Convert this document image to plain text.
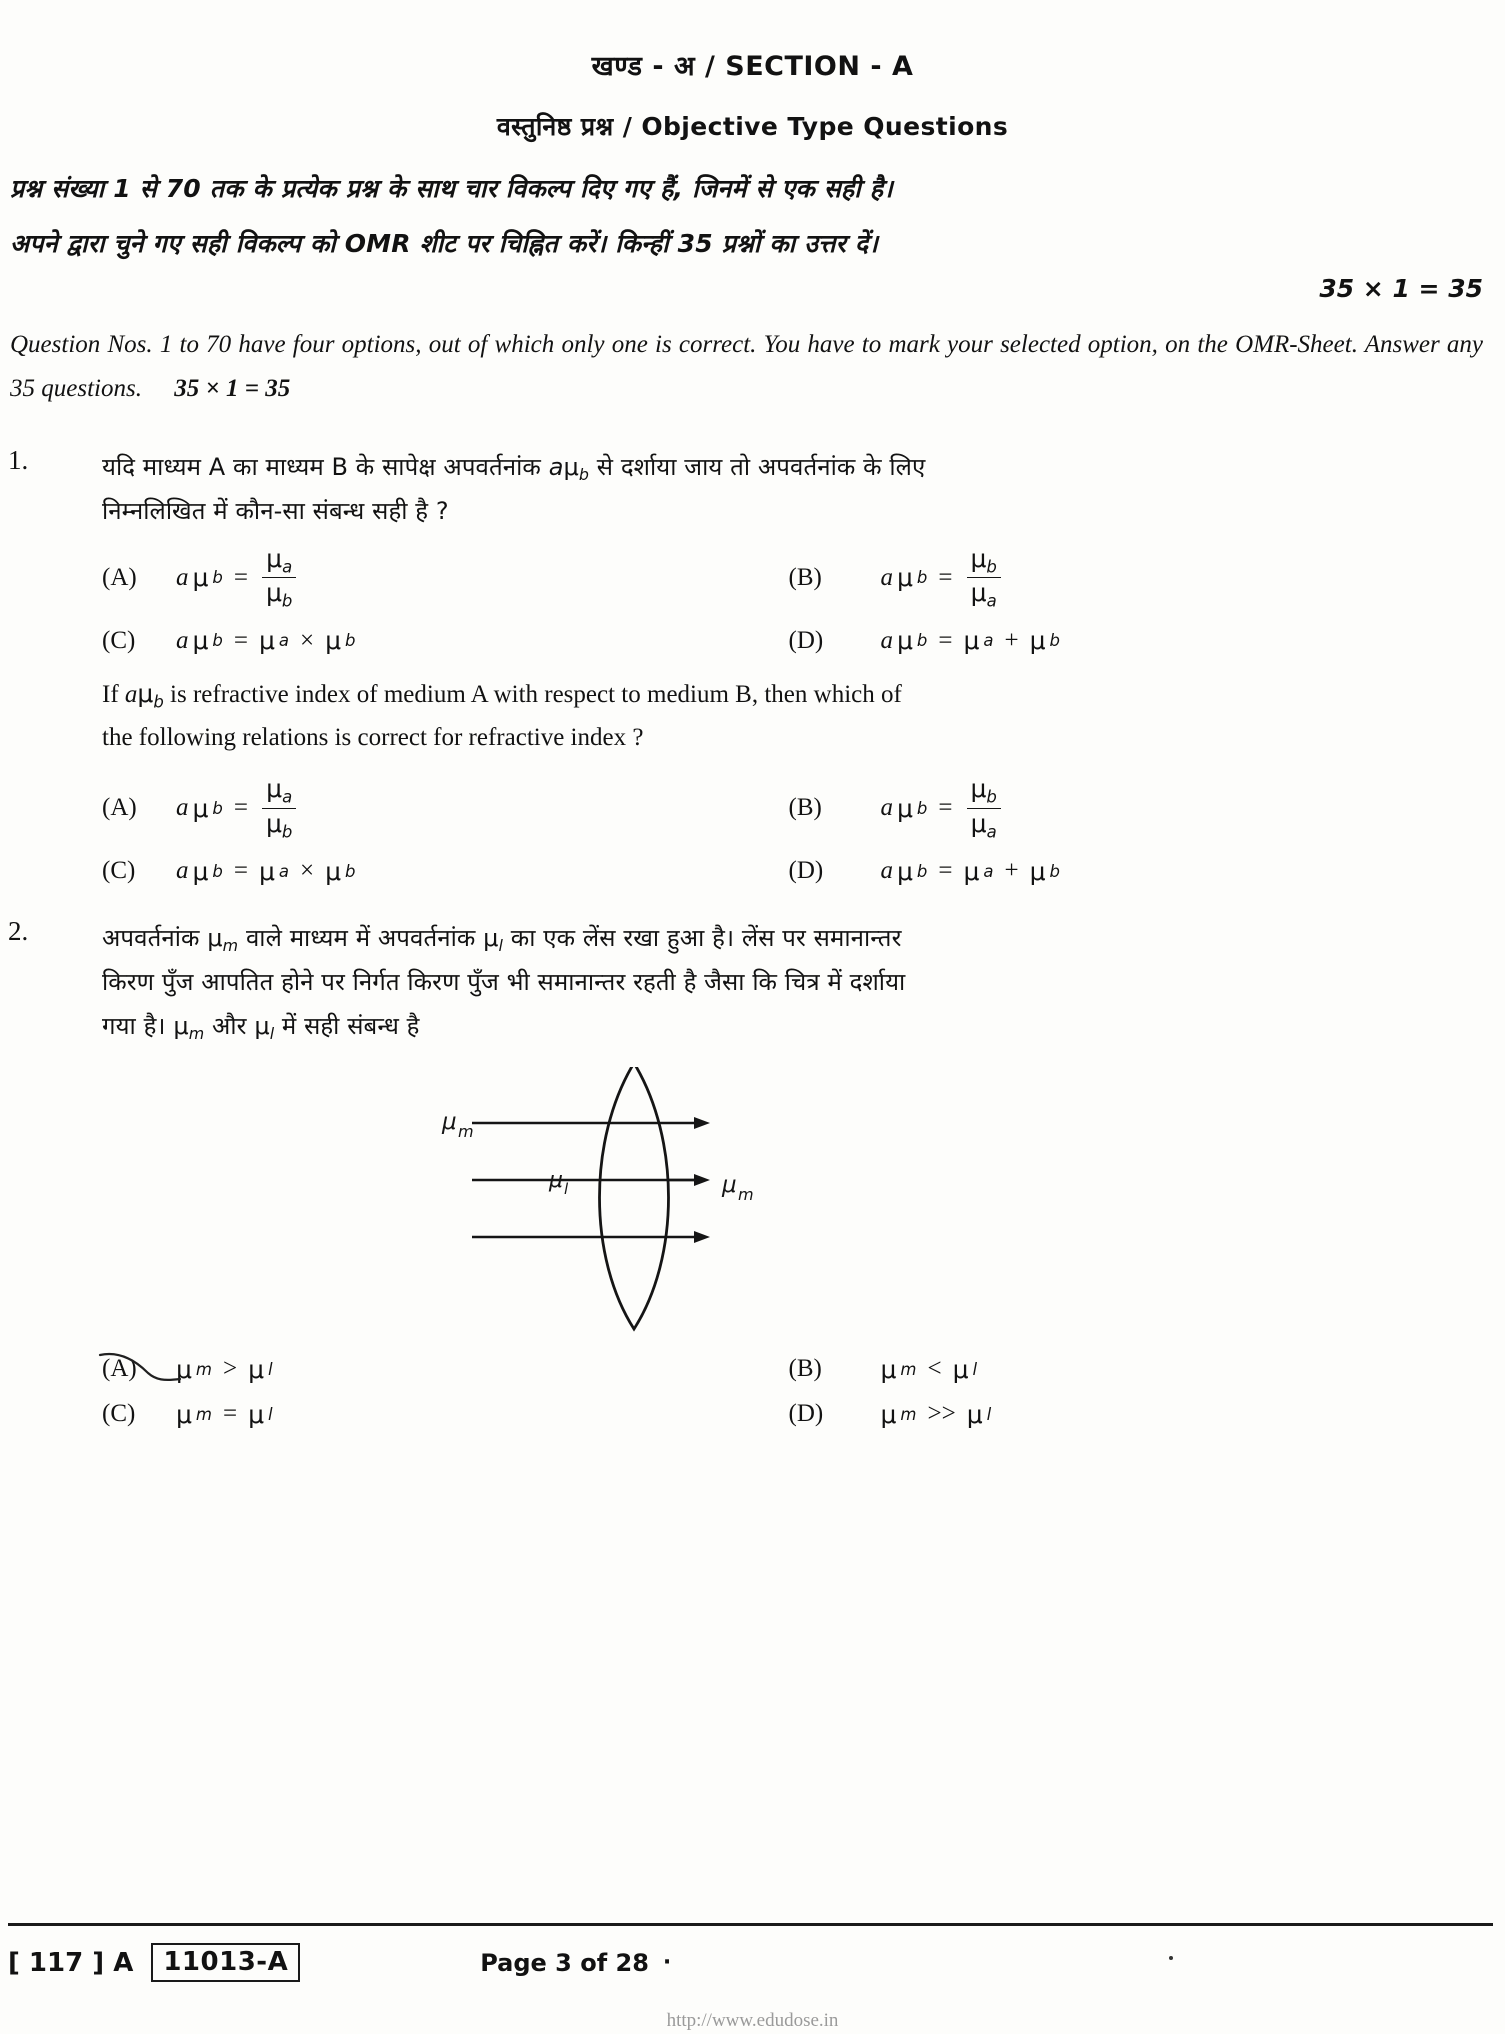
खण्ड - अ / SECTION - A
वस्तुनिष्ठ प्रश्न / Objective Type Questions
प्रश्न संख्या 1 से 70 तक के प्रत्येक प्रश्न के साथ चार विकल्प दिए गए हैं, जिनमें से एक सही है।
अपने द्वारा चुने गए सही विकल्प को OMR शीट पर चिह्नित करें। किन्हीं 35 प्रश्नों का उत्तर दें।
35 × 1 = 35
Question Nos. 1 to 70 have four options, out of which only one is correct. You have to mark your selected option, on the OMR-Sheet. Answer any 35 questions. 35 × 1 = 35
1.	यदि माध्यम A का माध्यम B के सापेक्ष अपवर्तनांक $a\mu_b$ से दर्शाया जाय तो अपवर्तनांक के लिए
निम्नलिखित में कौन-सा संबन्ध सही है ?
(A)	a μ $b = \frac{\mu_a}{\mu_b}$	(B)	a μ $b = \frac{\mu_b}{\mu_a}$
(C)	a μ b = μ a × μ b	(D)	a μ b = μ a + μ b
If $a\mu_b$ is refractive index of medium A with respect to medium B, then which of
the following relations is correct for refractive index ?
(A)	a μ $b = \frac{\mu_a}{\mu_b}$	(B)	a μ $b = \frac{\mu_b}{\mu_a}$
(C)	a μ b = μ a × μ b	(D)	a μ b = μ a + μ b
2.	अपवर्तनांक $\mu_m$ वाले माध्यम में अपवर्तनांक $\mu_l$ का एक लेंस रखा हुआ है। लेंस पर समानान्तर
किरण पुँज आपतित होने पर निर्गत किरण पुँज भी समानान्तर रहती है जैसा कि चित्र में दर्शाया
गया है। $\mu_m$ और $\mu_l$ में सही संबन्ध है
μ m
μ l	μ m
(A)	μ m > μ l	(B)	μ m < μ l
(C)	μ m = μ l	(D)	μ m >> μ l
[ 117 ] A	11013-A	Page 3 of 28 ·
http://www.edudose.in
